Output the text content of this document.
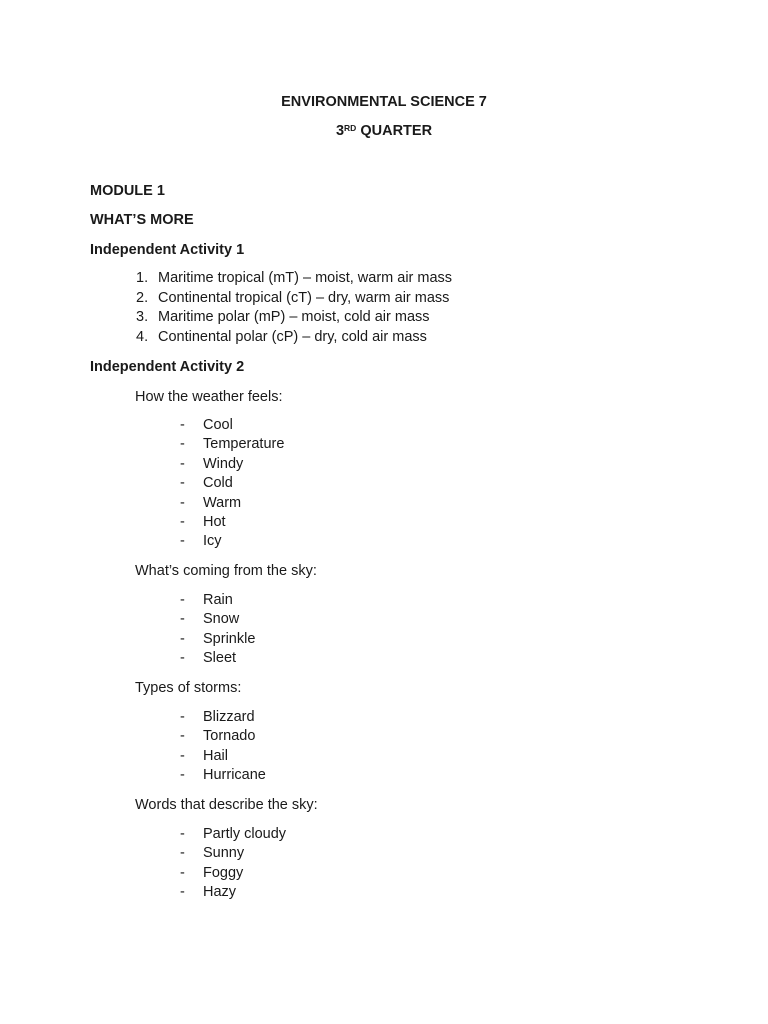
ENVIRONMENTAL SCIENCE 7
3RD QUARTER
MODULE 1
WHAT’S MORE
Independent Activity 1
1. Maritime tropical (mT) – moist, warm air mass
2. Continental tropical (cT) – dry, warm air mass
3. Maritime polar (mP) – moist, cold air mass
4. Continental polar (cP) – dry, cold air mass
Independent Activity 2
How the weather feels:
- Cool
- Temperature
- Windy
- Cold
- Warm
- Hot
- Icy
What’s coming from the sky:
- Rain
- Snow
- Sprinkle
- Sleet
Types of storms:
- Blizzard
- Tornado
- Hail
- Hurricane
Words that describe the sky:
- Partly cloudy
- Sunny
- Foggy
- Hazy
